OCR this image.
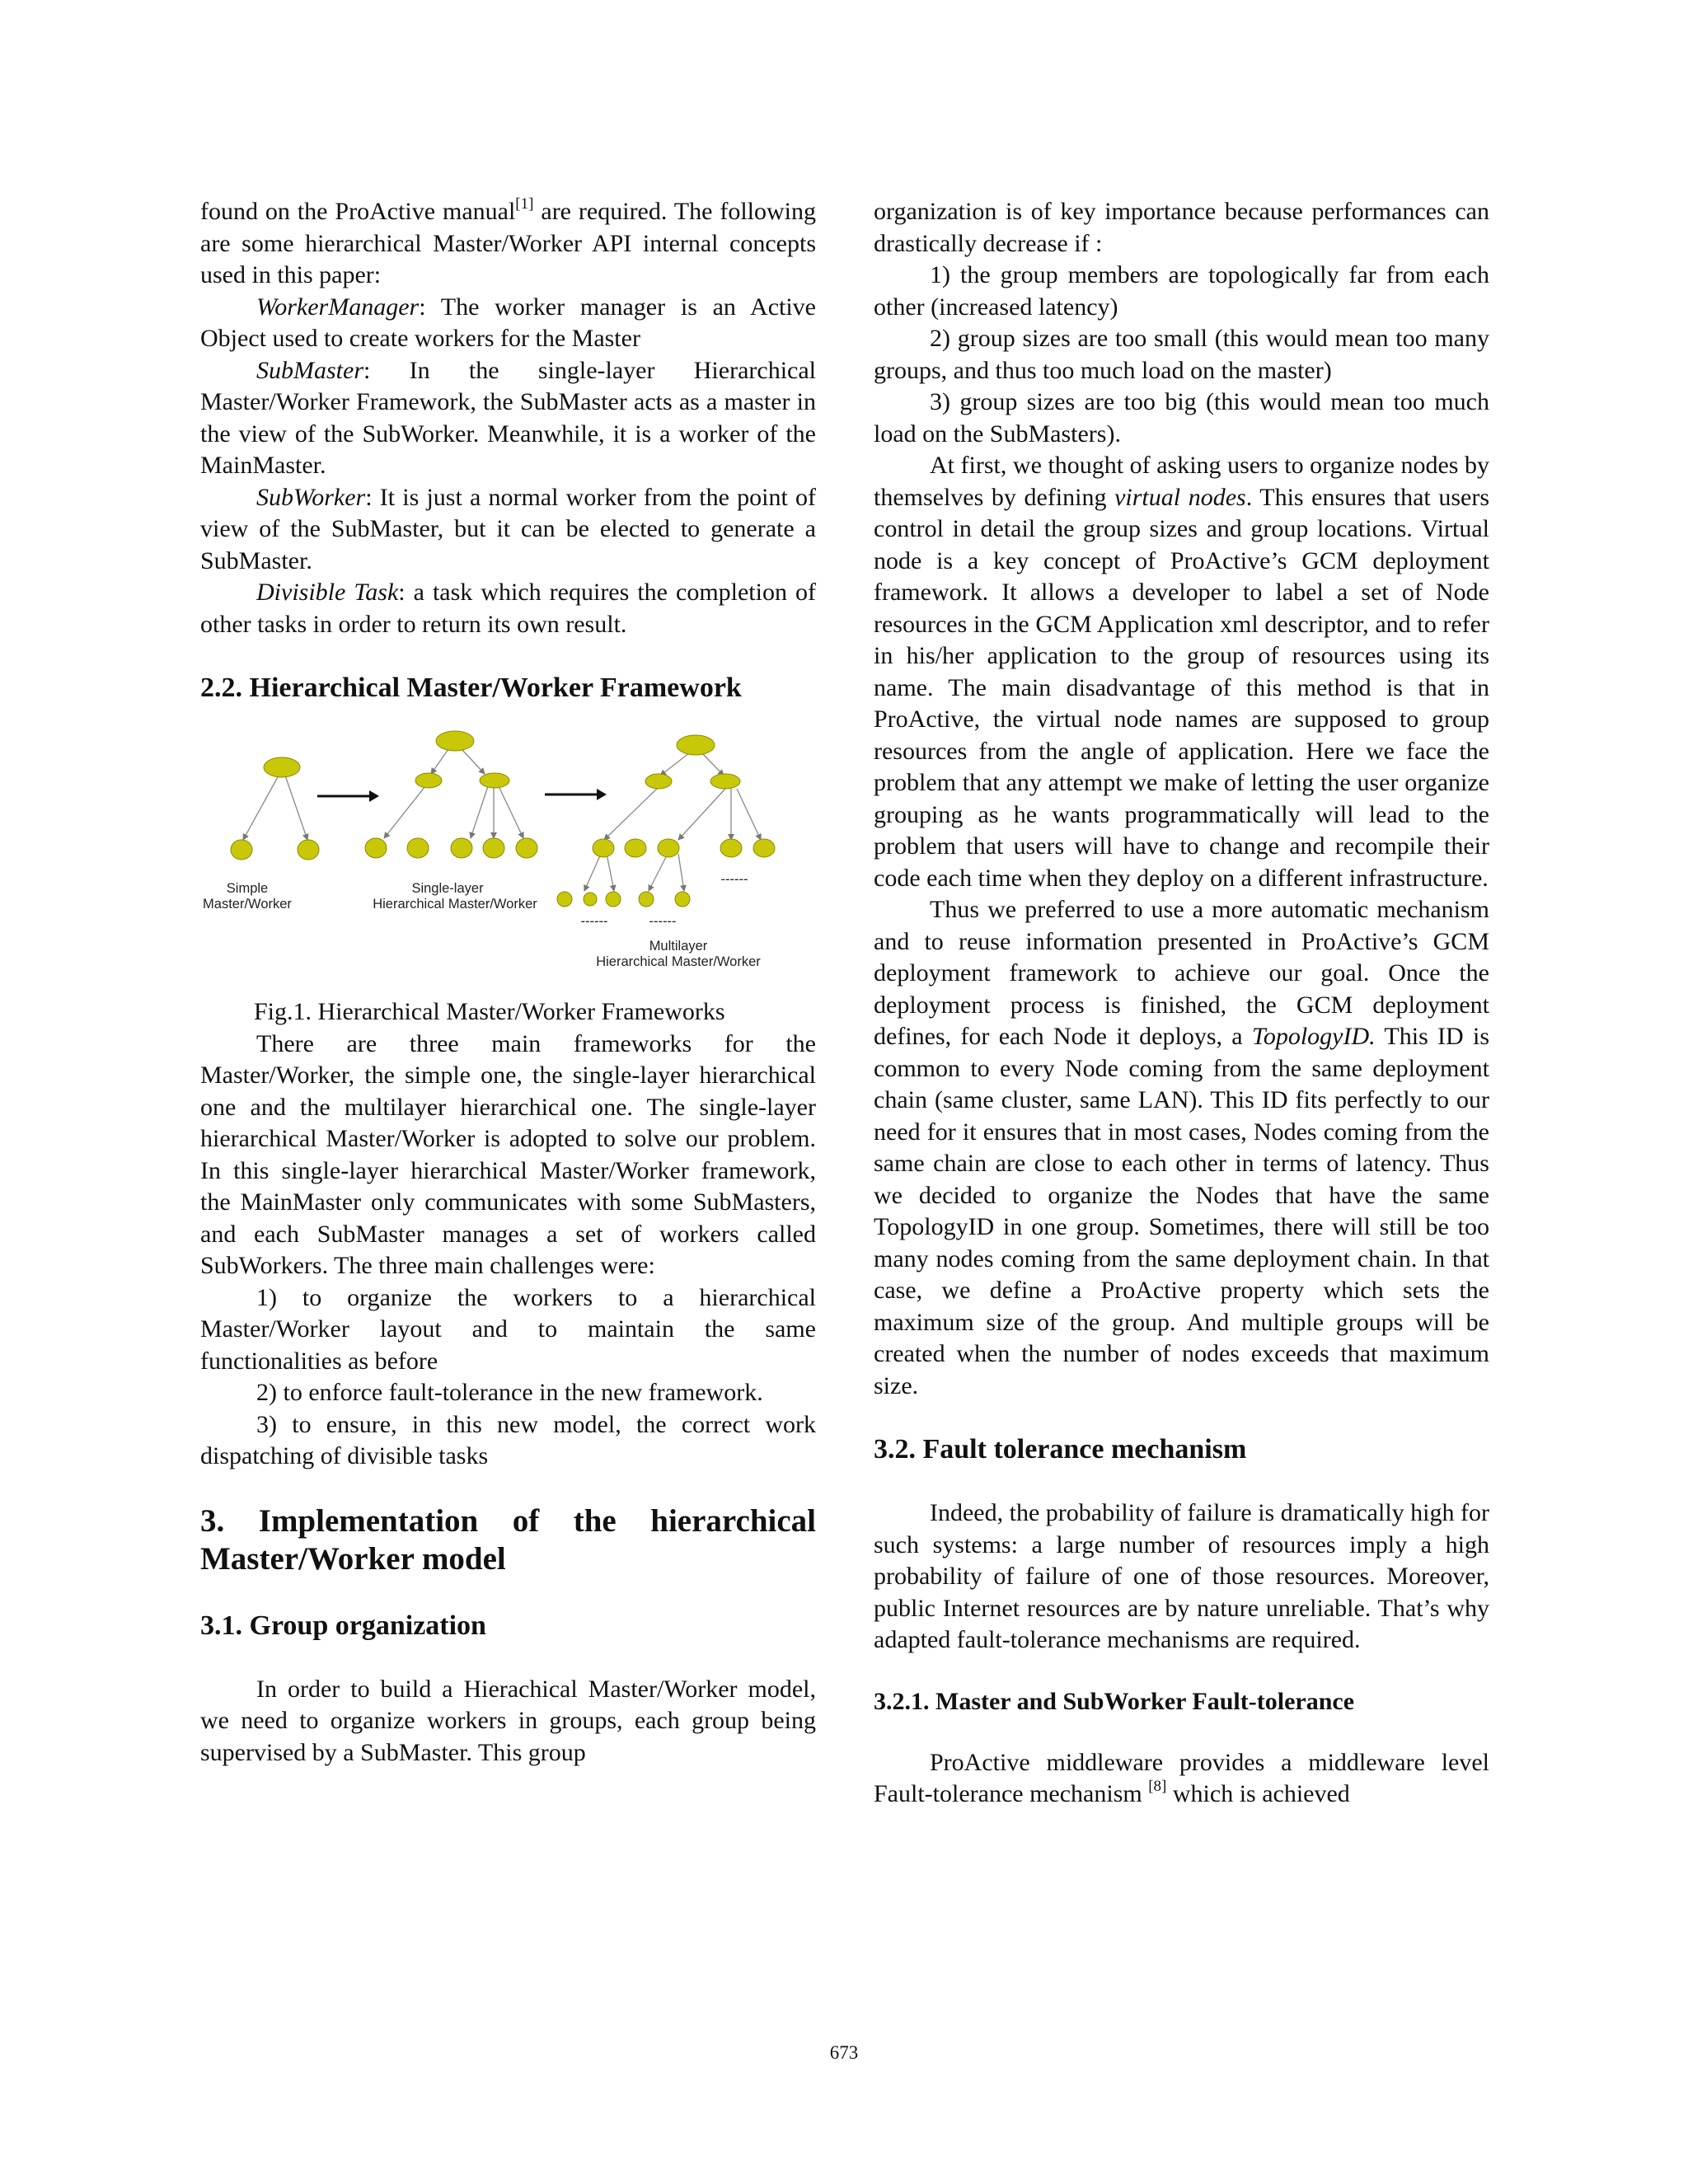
found on the ProActive manual[1] are required. The following are some hierarchical Master/Worker API internal concepts used in this paper:

WorkerManager: The worker manager is an Active Object used to create workers for the Master

SubMaster: In the single-layer Hierarchical Master/Worker Framework, the SubMaster acts as a master in the view of the SubWorker. Meanwhile, it is a worker of the MainMaster.

SubWorker: It is just a normal worker from the point of view of the SubMaster, but it can be elected to generate a SubMaster.

Divisible Task: a task which requires the completion of other tasks in order to return its own result.

2.2. Hierarchical Master/Worker Framework
Simple
Master/Worker
Single-layer
Hierarchical Master/Worker
------
------	------
Multilayer
Hierarchical Master/Worker

Fig.1. Hierarchical Master/Worker Frameworks

There are three main frameworks for the Master/Worker, the simple one, the single-layer hierarchical one and the multilayer hierarchical one. The single-layer hierarchical Master/Worker is adopted to solve our problem. In this single-layer hierarchical Master/Worker framework, the MainMaster only communicates with some SubMasters, and each SubMaster manages a set of workers called SubWorkers. The three main challenges were:

1) to organize the workers to a hierarchical Master/Worker layout and to maintain the same functionalities as before

2) to enforce fault-tolerance in the new framework.

3) to ensure, in this new model, the correct work dispatching of divisible tasks

3. Implementation of the hierarchical Master/Worker model
3.1. Group organization

In order to build a Hierachical Master/Worker model, we need to organize workers in groups, each group being supervised by a SubMaster. This group

organization is of key importance because performances can drastically decrease if :

1) the group members are topologically far from each other (increased latency)

2) group sizes are too small (this would mean too many groups, and thus too much load on the master)

3) group sizes are too big (this would mean too much load on the SubMasters).

At first, we thought of asking users to organize nodes by themselves by defining virtual nodes. This ensures that users control in detail the group sizes and group locations. Virtual node is a key concept of ProActive’s GCM deployment framework. It allows a developer to label a set of Node resources in the GCM Application xml descriptor, and to refer in his/her application to the group of resources using its name. The main disadvantage of this method is that in ProActive, the virtual node names are supposed to group resources from the angle of application. Here we face the problem that any attempt we make of letting the user organize grouping as he wants programmatically will lead to the problem that users will have to change and recompile their code each time when they deploy on a different infrastructure.

Thus we preferred to use a more automatic mechanism and to reuse information presented in ProActive’s GCM deployment framework to achieve our goal. Once the deployment process is finished, the GCM deployment defines, for each Node it deploys, a TopologyID. This ID is common to every Node coming from the same deployment chain (same cluster, same LAN). This ID fits perfectly to our need for it ensures that in most cases, Nodes coming from the same chain are close to each other in terms of latency. Thus we decided to organize the Nodes that have the same TopologyID in one group. Sometimes, there will still be too many nodes coming from the same deployment chain. In that case, we define a ProActive property which sets the maximum size of the group. And multiple groups will be created when the number of nodes exceeds that maximum size.

3.2. Fault tolerance mechanism

Indeed, the probability of failure is dramatically high for such systems: a large number of resources imply a high probability of failure of one of those resources. Moreover, public Internet resources are by nature unreliable. That’s why adapted fault-tolerance mechanisms are required.

3.2.1. Master and SubWorker Fault-tolerance

ProActive middleware provides a middleware level Fault-tolerance mechanism [8] which is achieved

673
